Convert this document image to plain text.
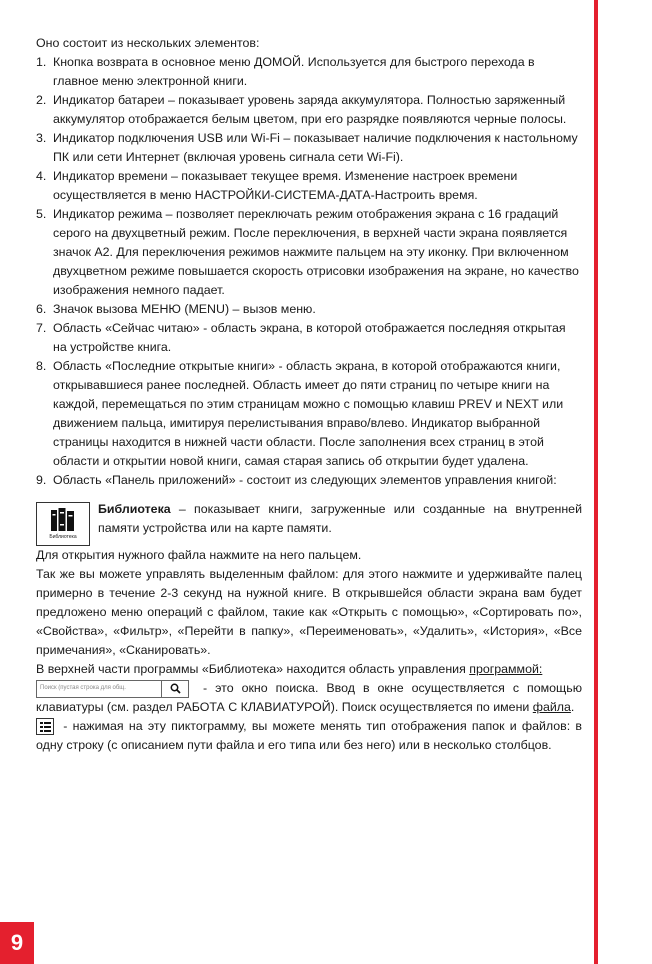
Оно состоит из нескольких элементов:

1. Кнопка возврата в основное меню ДОМОЙ. Используется для быстрого перехода в главное меню электронной книги.
2. Индикатор батареи – показывает уровень заряда аккумулятора. Полностью заряженный аккумулятор отображается белым цветом, при его разрядке появляются черные полосы.
3. Индикатор подключения USB или Wi-Fi – показывает наличие подключения к настольному ПК или сети Интернет (включая уровень сигнала сети Wi-Fi).
4. Индикатор времени – показывает текущее время. Изменение настроек времени осуществляется в меню НАСТРОЙКИ-СИСТЕМА-ДАТА-Настроить время.
5. Индикатор режима – позволяет переключать режим отображения экрана с 16 градаций серого на двухцветный режим. После переключения, в верхней части экрана появляется значок А2. Для переключения режимов нажмите пальцем на эту иконку. При включенном двухцветном режиме повышается скорость отрисовки изображения на экране, но качество изображения немного падает.
6. Значок вызова МЕНЮ (MENU) – вызов меню.
7. Область «Сейчас читаю» - область экрана, в которой отображается последняя открытая на устройстве книга.
8. Область «Последние открытые книги» - область экрана, в которой отображаются книги, открывавшиеся ранее последней. Область имеет до пяти страниц по четыре книги на каждой, перемещаться по этим страницам можно с помощью клавиш PREV и NEXT или движением пальца, имитируя перелистывания вправо/влево. Индикатор выбранной страницы находится в нижней части области. После заполнения всех страниц в этой области и открытии новой книги, самая старая запись об открытии будет удалена.
9. Область «Панель приложений» - состоит из следующих элементов управления книгой:
Библиотека
Библиотека – показывает книги, загруженные или созданные на внутренней памяти устройства или на карте памяти.

Для открытия нужного файла нажмите на него пальцем.

Так же вы можете управлять выделенным файлом: для этого нажмите и удерживайте палец примерно в течение 2-3 секунд на нужной книге. В открывшейся области экрана вам будет предложено меню операций с файлом, такие как «Открыть с помощью», «Сортировать по», «Свойства», «Фильтр», «Перейти в папку», «Переименовать», «Удалить», «История», «Все примечания», «Сканировать».

В верхней части программы «Библиотека» находится область управления программой:

Поиск (пустая строка для общ.	- это окно поиска. Ввод в окне осуществляется с помощью клавиатуры (см. раздел РАБОТА С КЛАВИАТУРОЙ). Поиск осуществляется по имени файла.

- нажимая на эту пиктограмму, вы можете менять тип отображения папок и файлов: в одну строку (с описанием пути файла и его типа или без него) или в несколько столбцов.

9
